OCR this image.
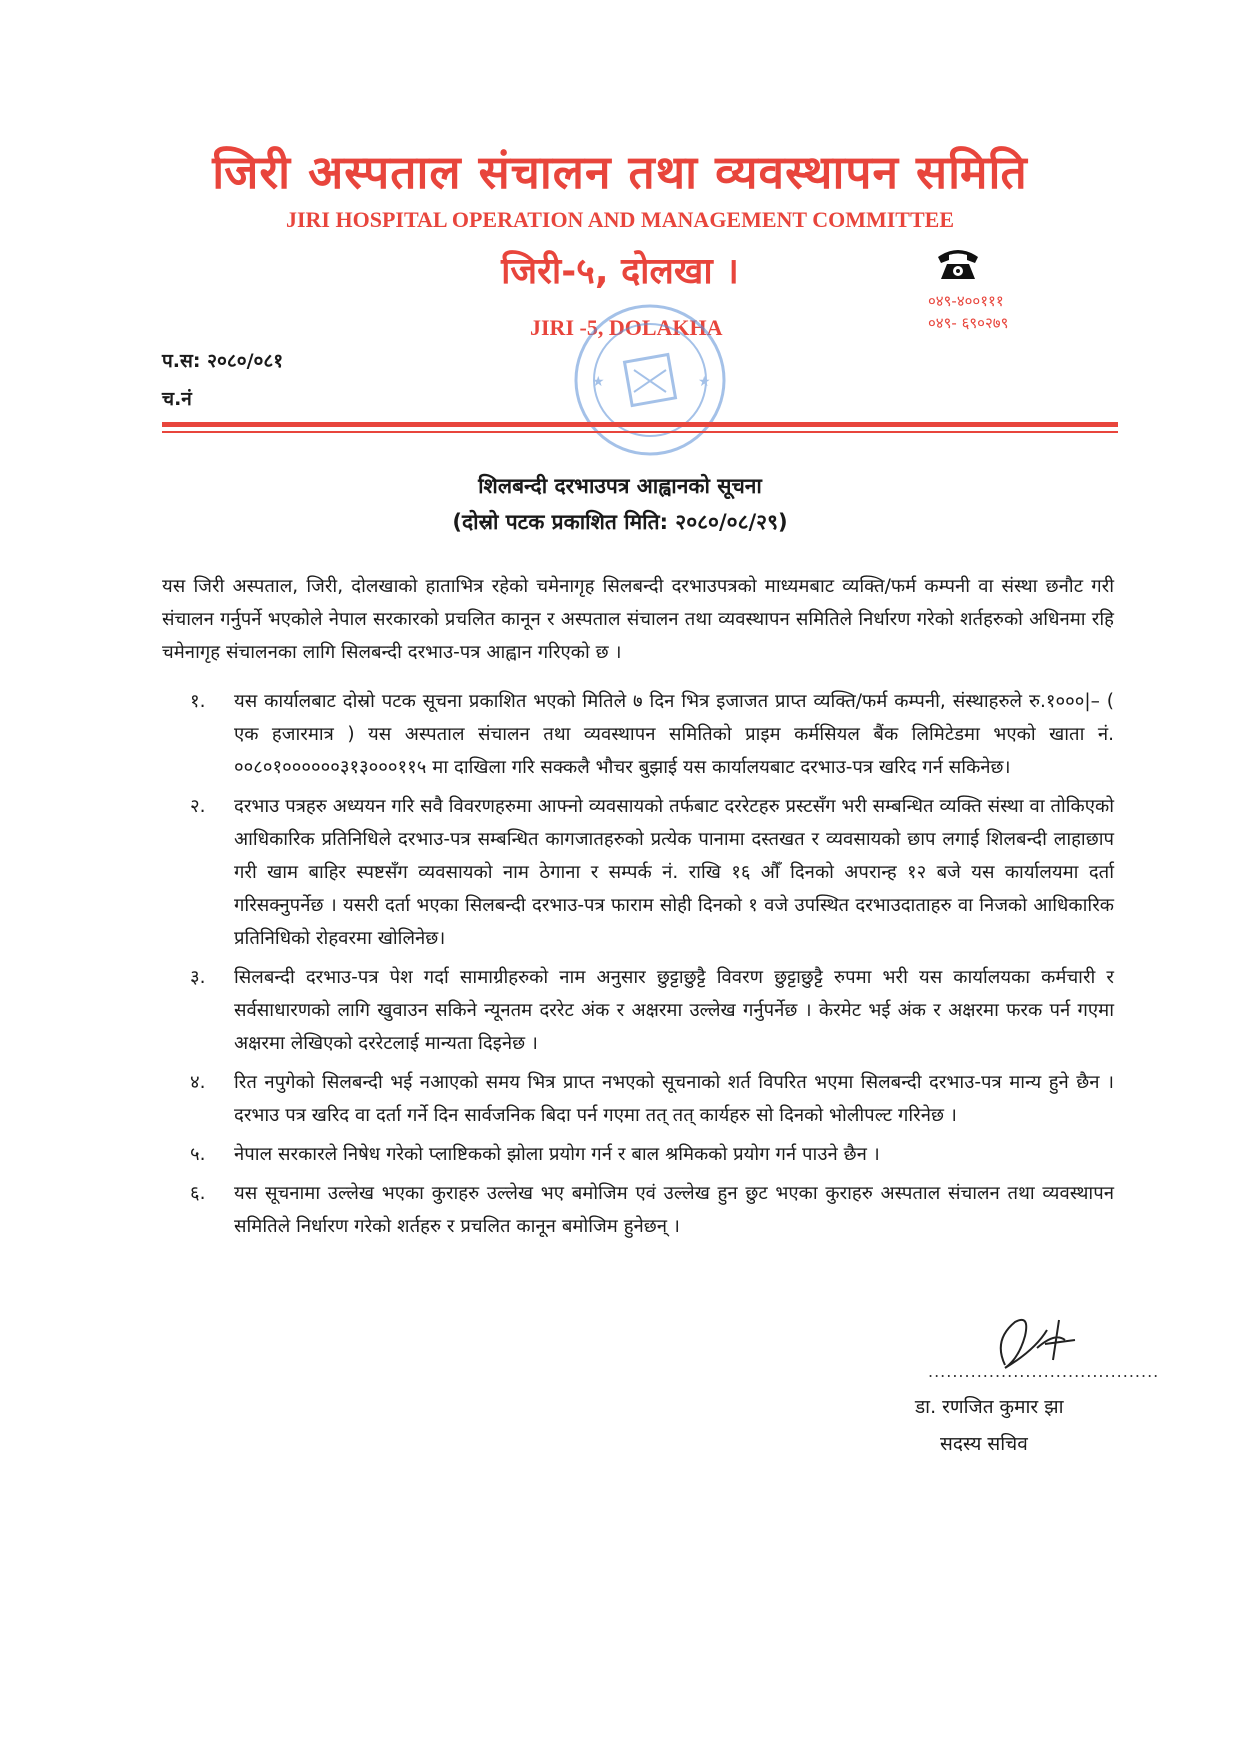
जिरी अस्पताल संचालन तथा व्यवस्थापन समिति
JIRI HOSPITAL OPERATION AND MANAGEMENT COMMITTEE
जिरी-५, दोलखा ।
JIRI -5, DOLAKHA
०४९-४००१११
०४९- ६९०२७९
★	★
प.स: २०८०/०८१
च.नं
शिलबन्दी दरभाउपत्र आह्वानको सूचना
(दोस्रो पटक प्रकाशित मिति: २०८०/०८/२९)
यस जिरी अस्पताल, जिरी, दोलखाको हाताभित्र रहेको चमेनागृह सिलबन्दी दरभाउपत्रको माध्यमबाट व्यक्ति/फर्म कम्पनी वा संस्था छनौट गरी संचालन गर्नुपर्ने भएकोले नेपाल सरकारको प्रचलित कानून र अस्पताल संचालन तथा व्यवस्थापन समितिले निर्धारण गरेको शर्तहरुको अधिनमा रहि चमेनागृह संचालनका लागि सिलबन्दी दरभाउ-पत्र आह्वान गरिएको छ ।
१. यस कार्यालबाट दोस्रो पटक सूचना प्रकाशित भएको मितिले ७ दिन भित्र इजाजत प्राप्त व्यक्ति/फर्म कम्पनी, संस्थाहरुले रु.१०००|– ( एक हजारमात्र ) यस अस्पताल संचालन तथा व्यवस्थापन समितिको प्राइम कर्मसियल बैंक लिमिटेडमा भएको खाता नं. ००८०१००००००३१३०००११५ मा दाखिला गरि सक्कलै भौचर बुझाई यस कार्यालयबाट दरभाउ-पत्र खरिद गर्न सकिनेछ।
२. दरभाउ पत्रहरु अध्ययन गरि सवै विवरणहरुमा आफ्नो व्यवसायको तर्फबाट दररेटहरु प्रस्टसँग भरी सम्बन्धित व्यक्ति संस्था वा तोकिएको आधिकारिक प्रतिनिधिले दरभाउ-पत्र सम्बन्धित कागजातहरुको प्रत्येक पानामा दस्तखत र व्यवसायको छाप लगाई शिलबन्दी लाहाछाप गरी खाम बाहिर स्पष्टसँग व्यवसायको नाम ठेगाना र सम्पर्क नं. राखि १६ औँ दिनको अपरान्ह १२ बजे यस कार्यालयमा दर्ता गरिसक्नुपर्नेछ । यसरी दर्ता भएका सिलबन्दी दरभाउ-पत्र फाराम सोही दिनको १ वजे उपस्थित दरभाउदाताहरु वा निजको आधिकारिक प्रतिनिधिको रोहवरमा खोलिनेछ।
३. सिलबन्दी दरभाउ-पत्र पेश गर्दा सामाग्रीहरुको नाम अनुसार छुट्टाछुट्टै विवरण छुट्टाछुट्टै रुपमा भरी यस कार्यालयका कर्मचारी र सर्वसाधारणको लागि खुवाउन सकिने न्यूनतम दररेट अंक र अक्षरमा उल्लेख गर्नुपर्नेछ । केरमेट भई अंक र अक्षरमा फरक पर्न गएमा अक्षरमा लेखिएको दररेटलाई मान्यता दिइनेछ ।
४. रित नपुगेको सिलबन्दी भई नआएको समय भित्र प्राप्त नभएको सूचनाको शर्त विपरित भएमा सिलबन्दी दरभाउ-पत्र मान्य हुने छैन । दरभाउ पत्र खरिद वा दर्ता गर्ने दिन सार्वजनिक बिदा पर्न गएमा तत् तत् कार्यहरु सो दिनको भोलीपल्ट गरिनेछ ।
५. नेपाल सरकारले निषेध गरेको प्लाष्टिकको झोला प्रयोग गर्न र बाल श्रमिकको प्रयोग गर्न पाउने छैन ।
६. यस सूचनामा उल्लेख भएका कुराहरु उल्लेख भए बमोजिम एवं उल्लेख हुन छुट भएका कुराहरु अस्पताल संचालन तथा व्यवस्थापन समितिले निर्धारण गरेको शर्तहरु र प्रचलित कानून बमोजिम हुनेछन् ।
......................................
डा. रणजित कुमार झा
सदस्य सचिव
